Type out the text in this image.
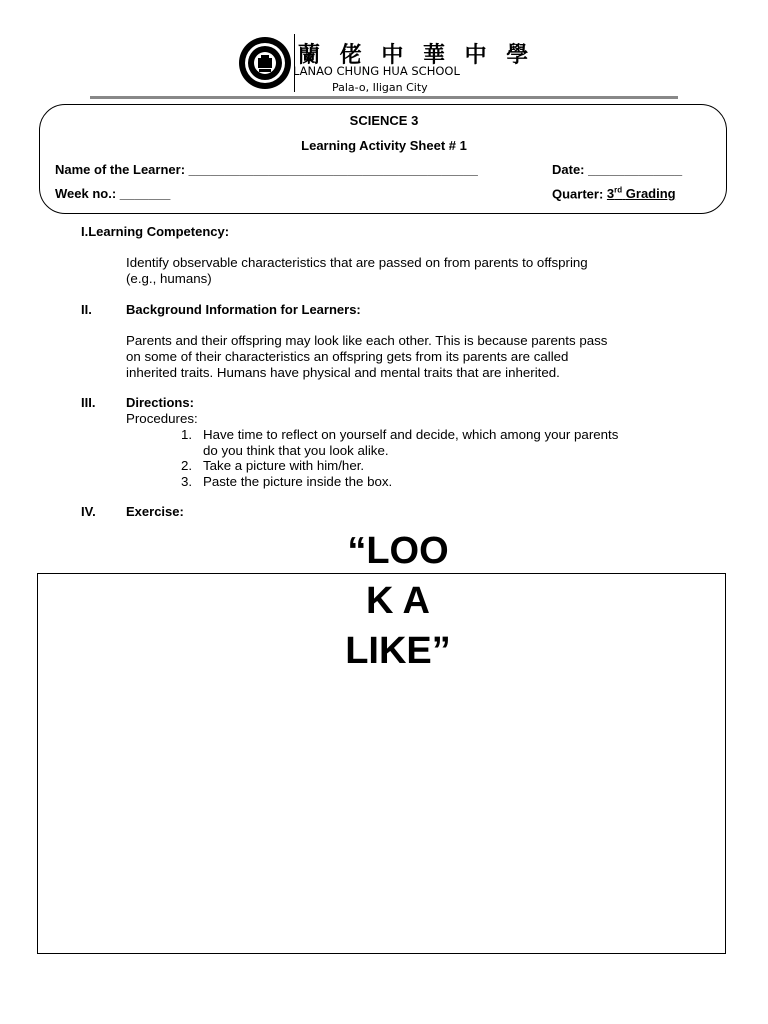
蘭 佬 中 華 中 學
LANAO CHUNG HUA SCHOOL
Pala-o, Iligan City
SCIENCE 3
Learning Activity Sheet # 1
Name of the Learner: ________________________________________	Date: _____________
Week no.: _______	Quarter: 3rd Grading
I.Learning Competency:
Identify observable characteristics that are passed on from parents to offspring
(e.g., humans)
II.	Background Information for Learners:
Parents and their offspring may look like each other. This is because parents pass
on some of their characteristics an offspring gets from its parents are called
inherited traits. Humans have physical and mental traits that are inherited.
III. Directions:
Procedures:
1. Have time to reflect on yourself and decide, which among your parents
do you think that you look alike.
2. Take a picture with him/her.
3. Paste the picture inside the box.
IV. Exercise:
“LOO
K A
LIKE”
